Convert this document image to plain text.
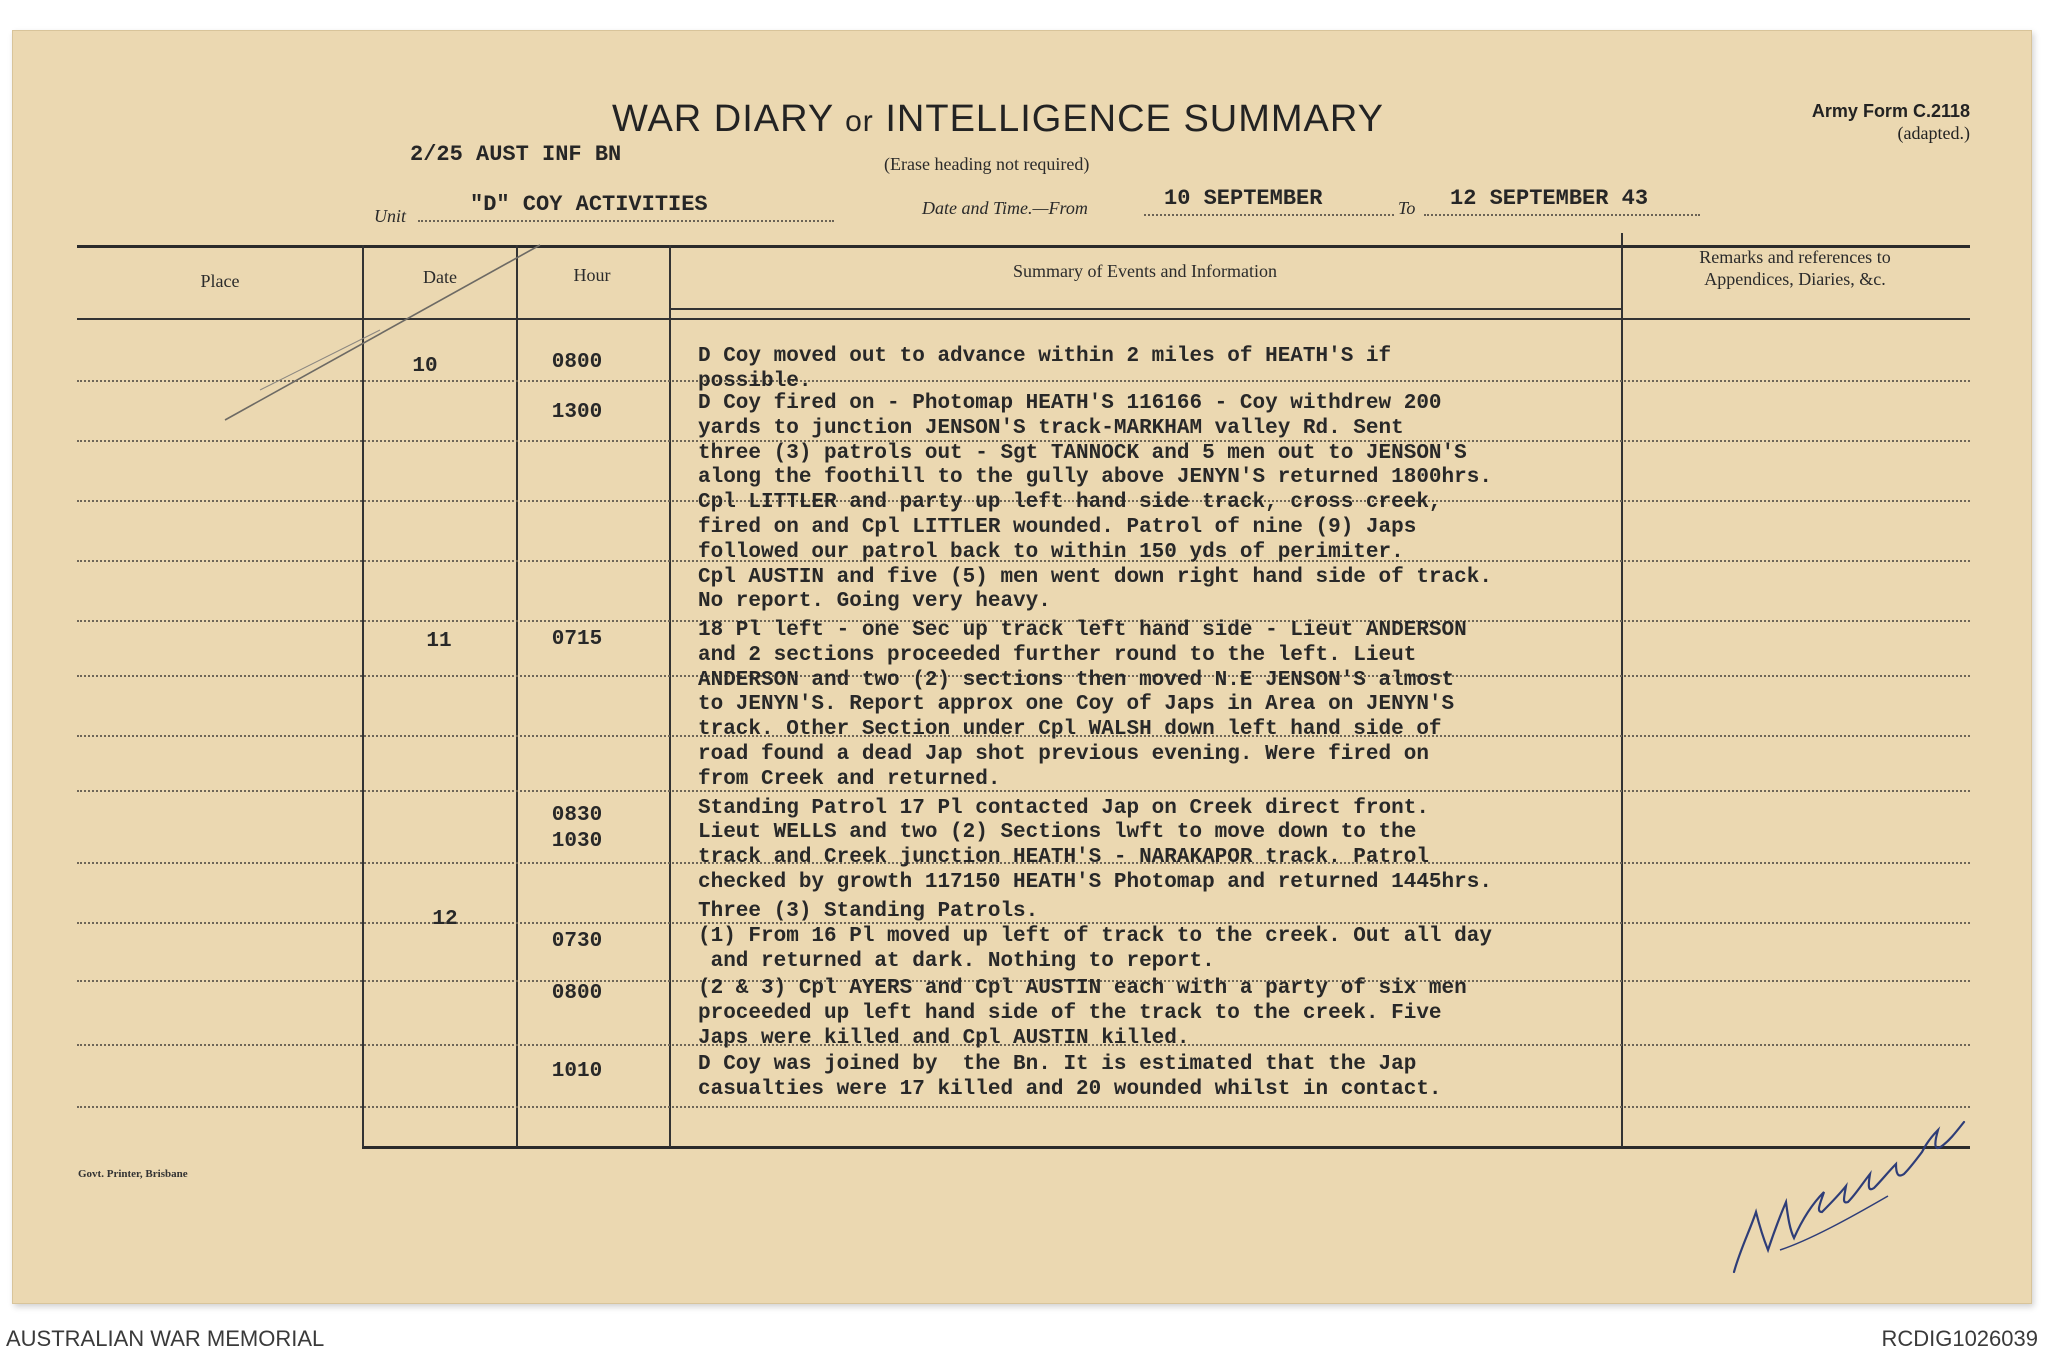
WAR DIARY or INTELLIGENCE SUMMARY
(Erase heading not required)
Army Form C.2118
(adapted.)
2/25 AUST INF BN
Unit	"D" COY ACTIVITIES	Date and Time.—From	10 SEPTEMBER	To 12 SEPTEMBER 43
Place	Date	Hour	Summary of Events and Information
Remarks and references to
Appendices, Diaries, &c.
10	0800	D Coy moved out to advance within 2 miles of HEATH'S if
possible.
1300	D Coy fired on - Photomap HEATH'S 116166 - Coy withdrew 200
yards to junction JENSON'S track-MARKHAM valley Rd. Sent
three (3) patrols out - Sgt TANNOCK and 5 men out to JENSON'S
along the foothill to the gully above JENYN'S returned 1800hrs.
Cpl LITTLER and party up left hand side track, cross creek,
fired on and Cpl LITTLER wounded. Patrol of nine (9) Japs
followed our patrol back to within 150 yds of perimiter.
Cpl AUSTIN and five (5) men went down right hand side of track.
No report. Going very heavy.
11	0715	18 Pl left - one Sec up track left hand side - Lieut ANDERSON
and 2 sections proceeded further round to the left. Lieut
ANDERSON and two (2) sections then moved N.E JENSON'S almost
to JENYN'S. Report approx one Coy of Japs in Area on JENYN'S
track. Other Section under Cpl WALSH down left hand side of
road found a dead Jap shot previous evening. Were fired on
from Creek and returned.
0830	Standing Patrol 17 Pl contacted Jap on Creek direct front.
1030	Lieut WELLS and two (2) Sections lwft to move down to the
track and Creek junction HEATH'S - NARAKAPOR track. Patrol
checked by growth 117150 HEATH'S Photomap and returned 1445hrs.
12	Three (3) Standing Patrols.
0730	(1) From 16 Pl moved up left of track to the creek. Out all day
and returned at dark. Nothing to report.
0800	(2 & 3) Cpl AYERS and Cpl AUSTIN each with a party of six men
proceeded up left hand side of the track to the creek. Five
Japs were killed and Cpl AUSTIN killed.
1010	D Coy was joined by  the Bn. It is estimated that the Jap
casualties were 17 killed and 20 wounded whilst in contact.
Govt. Printer, Brisbane
AUSTRALIAN WAR MEMORIAL	RCDIG1026039
